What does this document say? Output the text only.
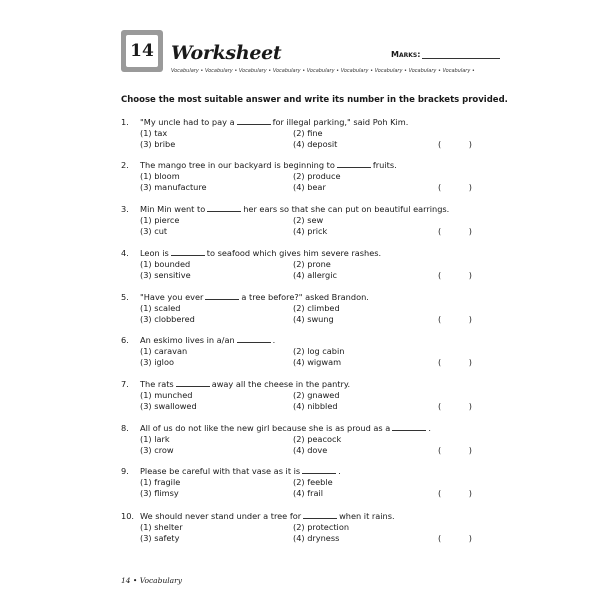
14 Worksheet	Marks:
Vocabulary • Vocabulary • Vocabulary • Vocabulary • Vocabulary • Vocabulary • Vocabulary • Vocabulary • Vocabulary •
Choose the most suitable answer and write its number in the brackets provided.
1. "My uncle had to pay a	for illegal parking," said Poh Kim.
(1) tax	(2) fine
(3) bribe	(4) deposit	(	)
2. The mango tree in our backyard is beginning to	fruits.
(1) bloom	(2) produce
(3) manufacture	(4) bear	(	)
3. Min Min went to	her ears so that she can put on beautiful earrings.
(1) pierce	(2) sew
(3) cut	(4) prick	(	)
4. Leon is	to seafood which gives him severe rashes.
(1) bounded	(2) prone
(3) sensitive	(4) allergic	(	)
5. "Have you ever	a tree before?" asked Brandon.
(1) scaled	(2) climbed
(3) clobbered	(4) swung	(	)
6. An eskimo lives in a/an	.
(1) caravan	(2) log cabin
(3) igloo	(4) wigwam	(	)
7. The rats	away all the cheese in the pantry.
(1) munched	(2) gnawed
(3) swallowed	(4) nibbled	(	)
8. All of us do not like the new girl because she is as proud as a	.
(1) lark	(2) peacock
(3) crow	(4) dove	(	)
9. Please be careful with that vase as it is	.
(1) fragile	(2) feeble
(3) flimsy	(4) frail	(	)
10. We should never stand under a tree for	when it rains.
(1) shelter	(2) protection
(3) safety	(4) dryness	(	)
14 • Vocabulary
